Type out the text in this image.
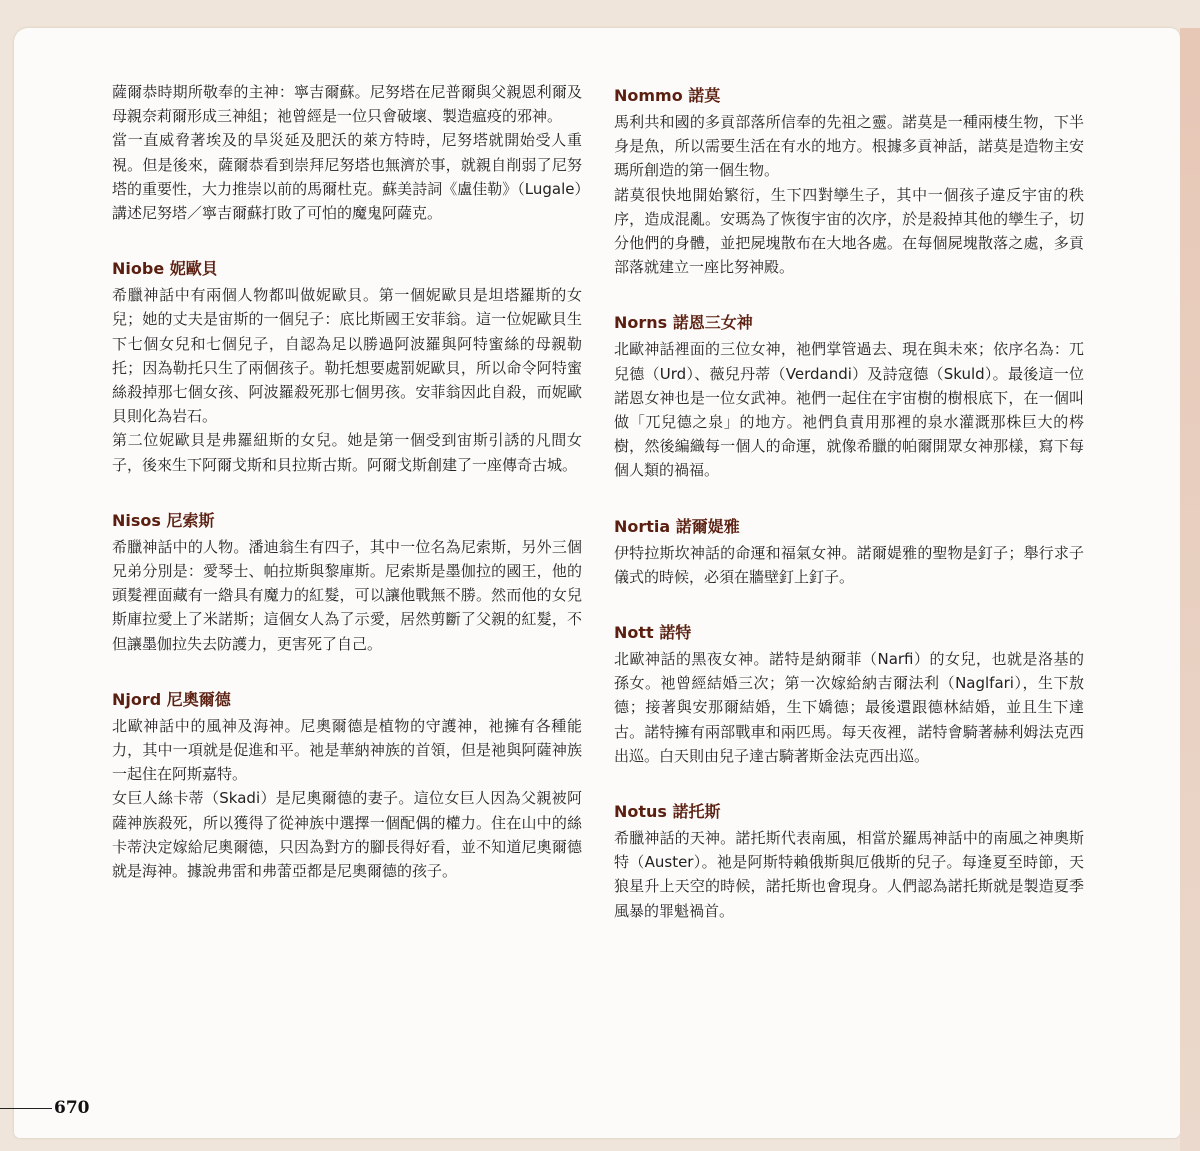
薩爾恭時期所敬奉的主神：寧吉爾蘇。尼努塔在尼普爾與父親恩利爾及母親奈莉爾形成三神組；祂曾經是一位只會破壞、製造瘟疫的邪神。

當一直威脅著埃及的旱災延及肥沃的萊方特時，尼努塔就開始受人重視。但是後來，薩爾恭看到崇拜尼努塔也無濟於事，就親自削弱了尼努塔的重要性，大力推崇以前的馬爾杜克。蘇美詩詞《盧佳勒》（Lugale）講述尼努塔／寧吉爾蘇打敗了可怕的魔鬼阿薩克。

Niobe 妮歐貝

希臘神話中有兩個人物都叫做妮歐貝。第一個妮歐貝是坦塔羅斯的女兒；她的丈夫是宙斯的一個兒子：底比斯國王安菲翁。這一位妮歐貝生下七個女兒和七個兒子，自認為足以勝過阿波羅與阿特蜜絲的母親勒托；因為勒托只生了兩個孩子。勒托想要處罰妮歐貝，所以命令阿特蜜絲殺掉那七個女孩、阿波羅殺死那七個男孩。安菲翁因此自殺，而妮歐貝則化為岩石。

第二位妮歐貝是弗羅紐斯的女兒。她是第一個受到宙斯引誘的凡間女子，後來生下阿爾戈斯和貝拉斯古斯。阿爾戈斯創建了一座傳奇古城。

Nisos 尼索斯

希臘神話中的人物。潘迪翁生有四子，其中一位名為尼索斯，另外三個兄弟分別是：愛琴士、帕拉斯與黎庫斯。尼索斯是墨伽拉的國王，他的頭髮裡面藏有一綹具有魔力的紅髮，可以讓他戰無不勝。然而他的女兒斯庫拉愛上了米諾斯；這個女人為了示愛，居然剪斷了父親的紅髮，不但讓墨伽拉失去防護力，更害死了自己。

Njord 尼奧爾德

北歐神話中的風神及海神。尼奧爾德是植物的守護神，祂擁有各種能力，其中一項就是促進和平。祂是華納神族的首領，但是祂與阿薩神族一起住在阿斯嘉特。

女巨人絲卡蒂（Skadi）是尼奧爾德的妻子。這位女巨人因為父親被阿薩神族殺死，所以獲得了從神族中選擇一個配偶的權力。住在山中的絲卡蒂決定嫁給尼奧爾德，只因為對方的腳長得好看，並不知道尼奧爾德就是海神。據說弗雷和弗蕾亞都是尼奧爾德的孩子。

Nommo 諾莫

馬利共和國的多貢部落所信奉的先祖之靈。諾莫是一種兩棲生物，下半身是魚，所以需要生活在有水的地方。根據多貢神話，諾莫是造物主安瑪所創造的第一個生物。

諾莫很快地開始繁衍，生下四對孿生子，其中一個孩子違反宇宙的秩序，造成混亂。安瑪為了恢復宇宙的次序，於是殺掉其他的孿生子，切分他們的身體，並把屍塊散布在大地各處。在每個屍塊散落之處，多貢部落就建立一座比努神殿。

Norns 諾恩三女神

北歐神話裡面的三位女神，祂們掌管過去、現在與未來；依序名為：兀兒德（Urd）、薇兒丹蒂（Verdandi）及詩寇德（Skuld）。最後這一位諾恩女神也是一位女武神。祂們一起住在宇宙樹的樹根底下，在一個叫做「兀兒德之泉」的地方。祂們負責用那裡的泉水灌溉那株巨大的梣樹，然後編織每一個人的命運，就像希臘的帕爾開眾女神那樣，寫下每個人類的禍福。

Nortia 諾爾媞雅

伊特拉斯坎神話的命運和福氣女神。諾爾媞雅的聖物是釘子；舉行求子儀式的時候，必須在牆壁釘上釘子。

Nott 諾特

北歐神話的黑夜女神。諾特是納爾菲（Narfi）的女兒，也就是洛基的孫女。祂曾經結婚三次；第一次嫁給納吉爾法利（Naglfari），生下敖德；接著與安那爾結婚，生下嬌德；最後還跟德林結婚，並且生下達古。諾特擁有兩部戰車和兩匹馬。每天夜裡，諾特會騎著赫利姆法克西出巡。白天則由兒子達古騎著斯金法克西出巡。

Notus 諾托斯

希臘神話的天神。諾托斯代表南風，相當於羅馬神話中的南風之神奧斯特（Auster）。祂是阿斯特賴俄斯與厄俄斯的兒子。每逢夏至時節，天狼星升上天空的時候，諾托斯也會現身。人們認為諾托斯就是製造夏季風暴的罪魁禍首。

670
